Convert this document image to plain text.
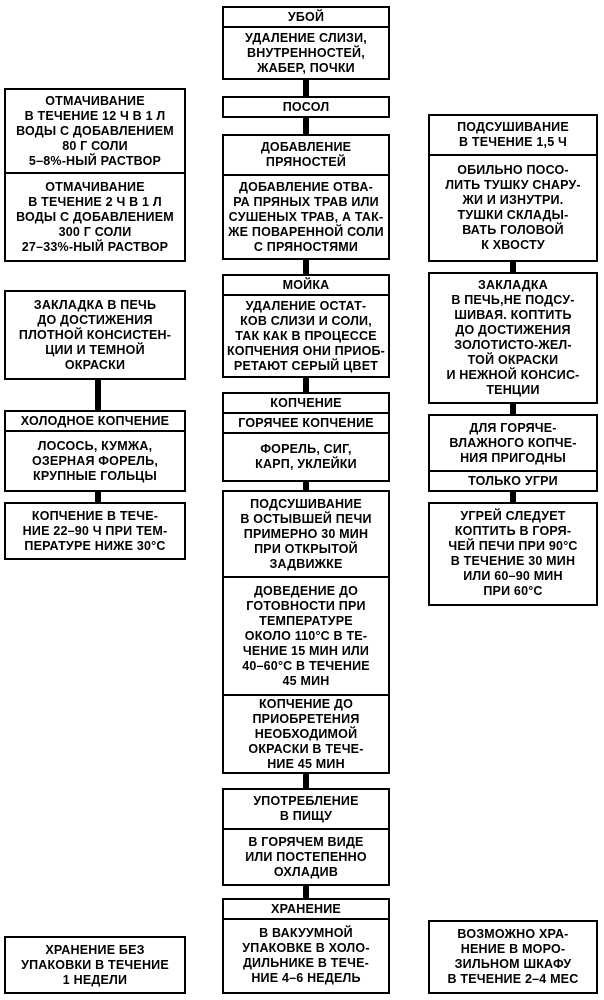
УБОЙ
УДАЛЕНИЕ СЛИЗИ,
ВНУТРЕННОСТЕЙ,
ЖАБЕР, ПОЧКИ
ПОСОЛ
ДОБАВЛЕНИЕ
ПРЯНОСТЕЙ
ДОБАВЛЕНИЕ ОТВА-
РА ПРЯНЫХ ТРАВ ИЛИ
СУШЕНЫХ ТРАВ, А ТАК-
ЖЕ ПОВАРЕННОЙ СОЛИ
С ПРЯНОСТЯМИ
МОЙКА
УДАЛЕНИЕ ОСТАТ-
КОВ СЛИЗИ И СОЛИ,
ТАК КАК В ПРОЦЕССЕ
КОПЧЕНИЯ ОНИ ПРИОБ-
РЕТАЮТ СЕРЫЙ ЦВЕТ
КОПЧЕНИЕ
ГОРЯЧЕЕ КОПЧЕНИЕ
ФОРЕЛЬ, СИГ,
КАРП, УКЛЕЙКИ
ПОДСУШИВАНИЕ
В ОСТЫВШЕЙ ПЕЧИ
ПРИМЕРНО 30 МИН
ПРИ ОТКРЫТОЙ
ЗАДВИЖКЕ
ДОВЕДЕНИЕ ДО
ГОТОВНОСТИ ПРИ
ТЕМПЕРАТУРЕ
ОКОЛО 110°С В ТЕ-
ЧЕНИЕ 15 МИН ИЛИ
40–60°С В ТЕЧЕНИЕ
45 МИН
КОПЧЕНИЕ ДО
ПРИОБРЕТЕНИЯ
НЕОБХОДИМОЙ
ОКРАСКИ В ТЕЧЕ-
НИЕ 45 МИН
УПОТРЕБЛЕНИЕ
В ПИЩУ
В ГОРЯЧЕМ ВИДЕ
ИЛИ ПОСТЕПЕННО
ОХЛАДИВ
ХРАНЕНИЕ
В ВАКУУМНОЙ
УПАКОВКЕ В ХОЛО-
ДИЛЬНИКЕ В ТЕЧЕ-
НИЕ 4–6 НЕДЕЛЬ
ОТМАЧИВАНИЕ
В ТЕЧЕНИЕ 12 Ч В 1 Л
ВОДЫ С ДОБАВЛЕНИЕМ
80 Г СОЛИ
5–8%-НЫЙ РАСТВОР
ОТМАЧИВАНИЕ
В ТЕЧЕНИЕ 2 Ч В 1 Л
ВОДЫ С ДОБАВЛЕНИЕМ
300 Г СОЛИ
27–33%-НЫЙ РАСТВОР
ЗАКЛАДКА В ПЕЧЬ
ДО ДОСТИЖЕНИЯ
ПЛОТНОЙ КОНСИСТЕН-
ЦИИ И ТЕМНОЙ
ОКРАСКИ
ХОЛОДНОЕ КОПЧЕНИЕ
ЛОСОСЬ, КУМЖА,
ОЗЕРНАЯ ФОРЕЛЬ,
КРУПНЫЕ ГОЛЬЦЫ
КОПЧЕНИЕ В ТЕЧЕ-
НИЕ 22–90 Ч ПРИ ТЕМ-
ПЕРАТУРЕ НИЖЕ 30°С
ХРАНЕНИЕ БЕЗ
УПАКОВКИ В ТЕЧЕНИЕ
1 НЕДЕЛИ
ПОДСУШИВАНИЕ
В ТЕЧЕНИЕ 1,5 Ч
ОБИЛЬНО ПОСО-
ЛИТЬ ТУШКУ СНАРУ-
ЖИ И ИЗНУТРИ.
ТУШКИ СКЛАДЫ-
ВАТЬ ГОЛОВОЙ
К ХВОСТУ
ЗАКЛАДКА
В ПЕЧЬ,НЕ ПОДСУ-
ШИВАЯ. КОПТИТЬ
ДО ДОСТИЖЕНИЯ
ЗОЛОТИСТО-ЖЕЛ-
ТОЙ ОКРАСКИ
И НЕЖНОЙ КОНСИС-
ТЕНЦИИ
ДЛЯ ГОРЯЧЕ-
ВЛАЖНОГО КОПЧЕ-
НИЯ ПРИГОДНЫ
ТОЛЬКО УГРИ
УГРЕЙ СЛЕДУЕТ
КОПТИТЬ В ГОРЯ-
ЧЕЙ ПЕЧИ ПРИ 90°С
В ТЕЧЕНИЕ 30 МИН
ИЛИ 60–90 МИН
ПРИ 60°С
ВОЗМОЖНО ХРА-
НЕНИЕ В МОРО-
ЗИЛЬНОМ ШКАФУ
В ТЕЧЕНИЕ 2–4 МЕС
